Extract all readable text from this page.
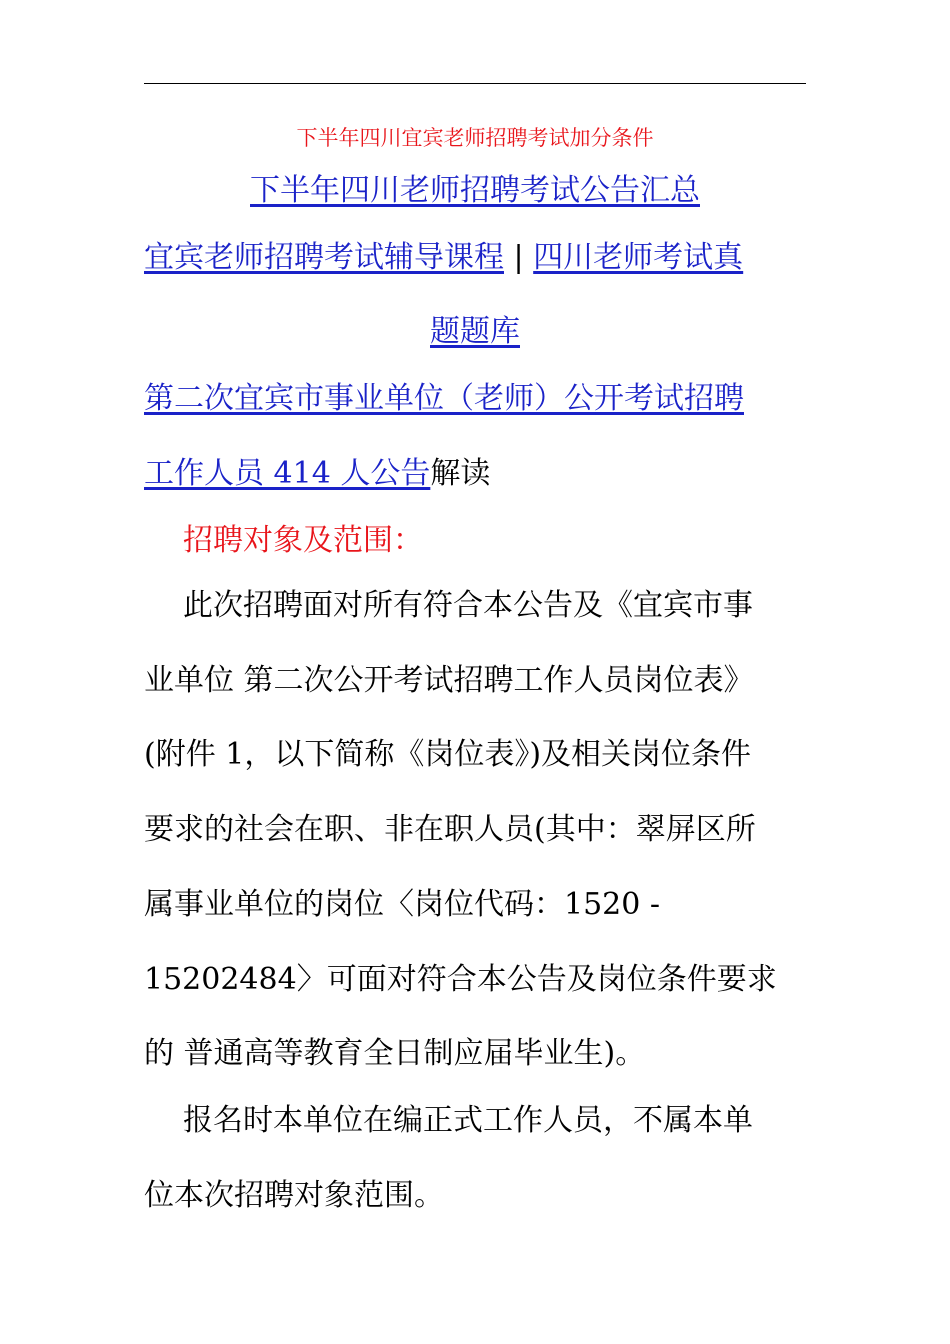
下半年四川宜宾老师招聘考试加分条件
下半年四川老师招聘考试公告汇总
宜宾老师招聘考试辅导课程 | 四川老师考试真
题题库
第二次宜宾市事业单位（老师）公开考试招聘
工作人员 414 人公告解读
招聘对象及范围：
此次招聘面对所有符合本公告及《宜宾市事
业单位 第二次公开考试招聘工作人员岗位表》
(附件 1，以下简称《岗位表》)及相关岗位条件
要求的社会在职、非在职人员(其中：翠屏区所
属事业单位的岗位〈岗位代码：1520 -
15202484〉可面对符合本公告及岗位条件要求
的 普通高等教育全日制应届毕业生)。
报名时本单位在编正式工作人员，不属本单
位本次招聘对象范围。
